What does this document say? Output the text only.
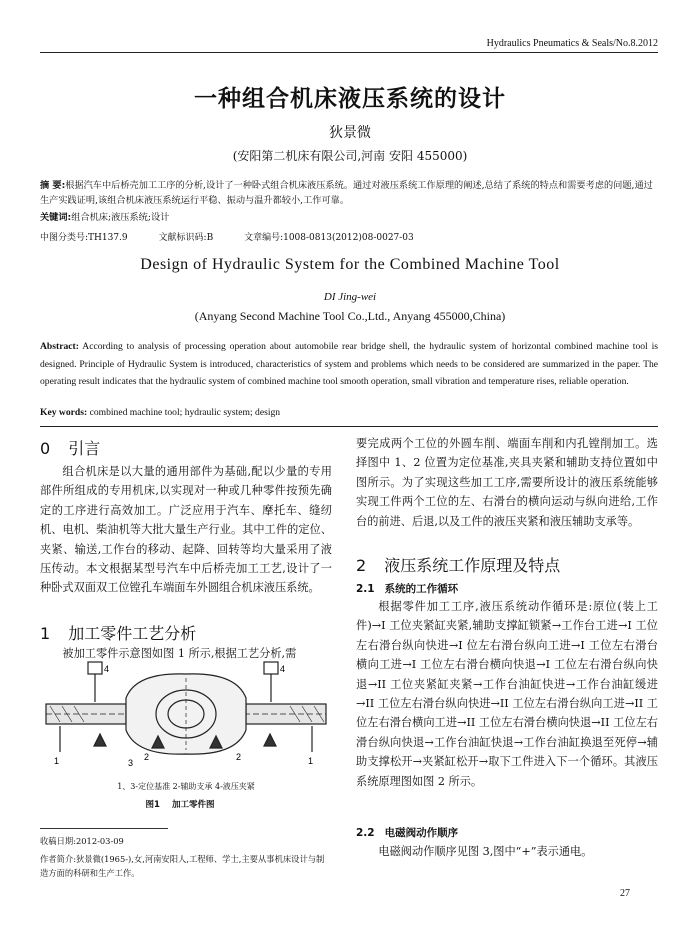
Hydraulics Pneumatics & Seals/No.8.2012
一种组合机床液压系统的设计
狄景微
(安阳第二机床有限公司,河南 安阳 455000)
摘 要:根据汽车中后桥壳加工工序的分析,设计了一种卧式组合机床液压系统。通过对液压系统工作原理的阐述,总结了系统的特点和需要考虑的问题,通过生产实践证明,该组合机床液压系统运行平稳、振动与温升都较小,工作可靠。
关键词:组合机床;液压系统;设计
中图分类号:TH137.9	文献标识码:B	文章编号:1008-0813(2012)08-0027-03
Design of Hydraulic System for the Combined Machine Tool
DI Jing-wei
(Anyang Second Machine Tool Co.,Ltd., Anyang 455000,China)
Abstract: According to analysis of processing operation about automobile rear bridge shell, the hydraulic system of horizontal combined machine tool is designed. Principle of Hydraulic System is introduced, characteristics of system and problems which needs to be considered are summarized in the paper. The operating result indicates that the hydraulic system of combined machine tool smooth operation, small vibration and temperature rises, reliable operation.
Key words: combined machine tool; hydraulic system; design
0 引言
组合机床是以大量的通用部件为基础,配以少量的专用部件所组成的专用机床,以实现对一种或几种零件按预先确定的工序进行高效加工。广泛应用于汽车、摩托车、缝纫机、电机、柴油机等大批大量生产行业。其中工件的定位、夹紧、输送,工作台的移动、起降、回转等均大量采用了液压传动。本文根据某型号汽车中后桥壳加工工艺,设计了一种卧式双面双工位镗孔车端面车外圆组合机床液压系统。
1 加工零件工艺分析
被加工零件示意图如图 1 所示,根据工艺分析,需
4	4
1	2
3
2	1
1、3-定位基准 2-辅助支承 4-液压夹紧
图1 加工零件图
收稿日期:2012-03-09
作者简介:狄景微(1965-),女,河南安阳人,工程师、学士,主要从事机床设计与制造方面的科研和生产工作。
要完成两个工位的外圆车削、端面车削和内孔镗削加工。选择图中 1、2 位置为定位基准,夹具夹紧和辅助支持位置如中图所示。为了实现这些加工工序,需要所设计的液压系统能够实现工件两个工位的左、右滑台的横向运动与纵向进给,工作台的前进、后退,以及工件的液压夹紧和液压辅助支承等。
2 液压系统工作原理及特点
2.1 系统的工作循环
根据零件加工工序,液压系统动作循环是:原位(装上工件)→I 工位夹紧缸夹紧,辅助支撑缸锁紧→工作台工进→I 工位左右滑台纵向快进→I 位左右滑台纵向工进→I 工位左右滑台横向工进→I 工位左右滑台横向快退→I 工位左右滑台纵向快退→II 工位夹紧缸夹紧→工作台油缸快进→工作台油缸缓进→II 工位左右滑台纵向快进→II 工位左右滑台纵向工进→II 工位左右滑台横向工进→II 工位左右滑台横向快退→II 工位左右滑台纵向快退→工作台油缸快退→工作台油缸换退至死停→辅助支撑松开→夹紧缸松开→取下工件进入下一个循环。其液压系统原理图如图 2 所示。
2.2 电磁阀动作顺序
电磁阀动作顺序见图 3,图中“+”表示通电。
27
